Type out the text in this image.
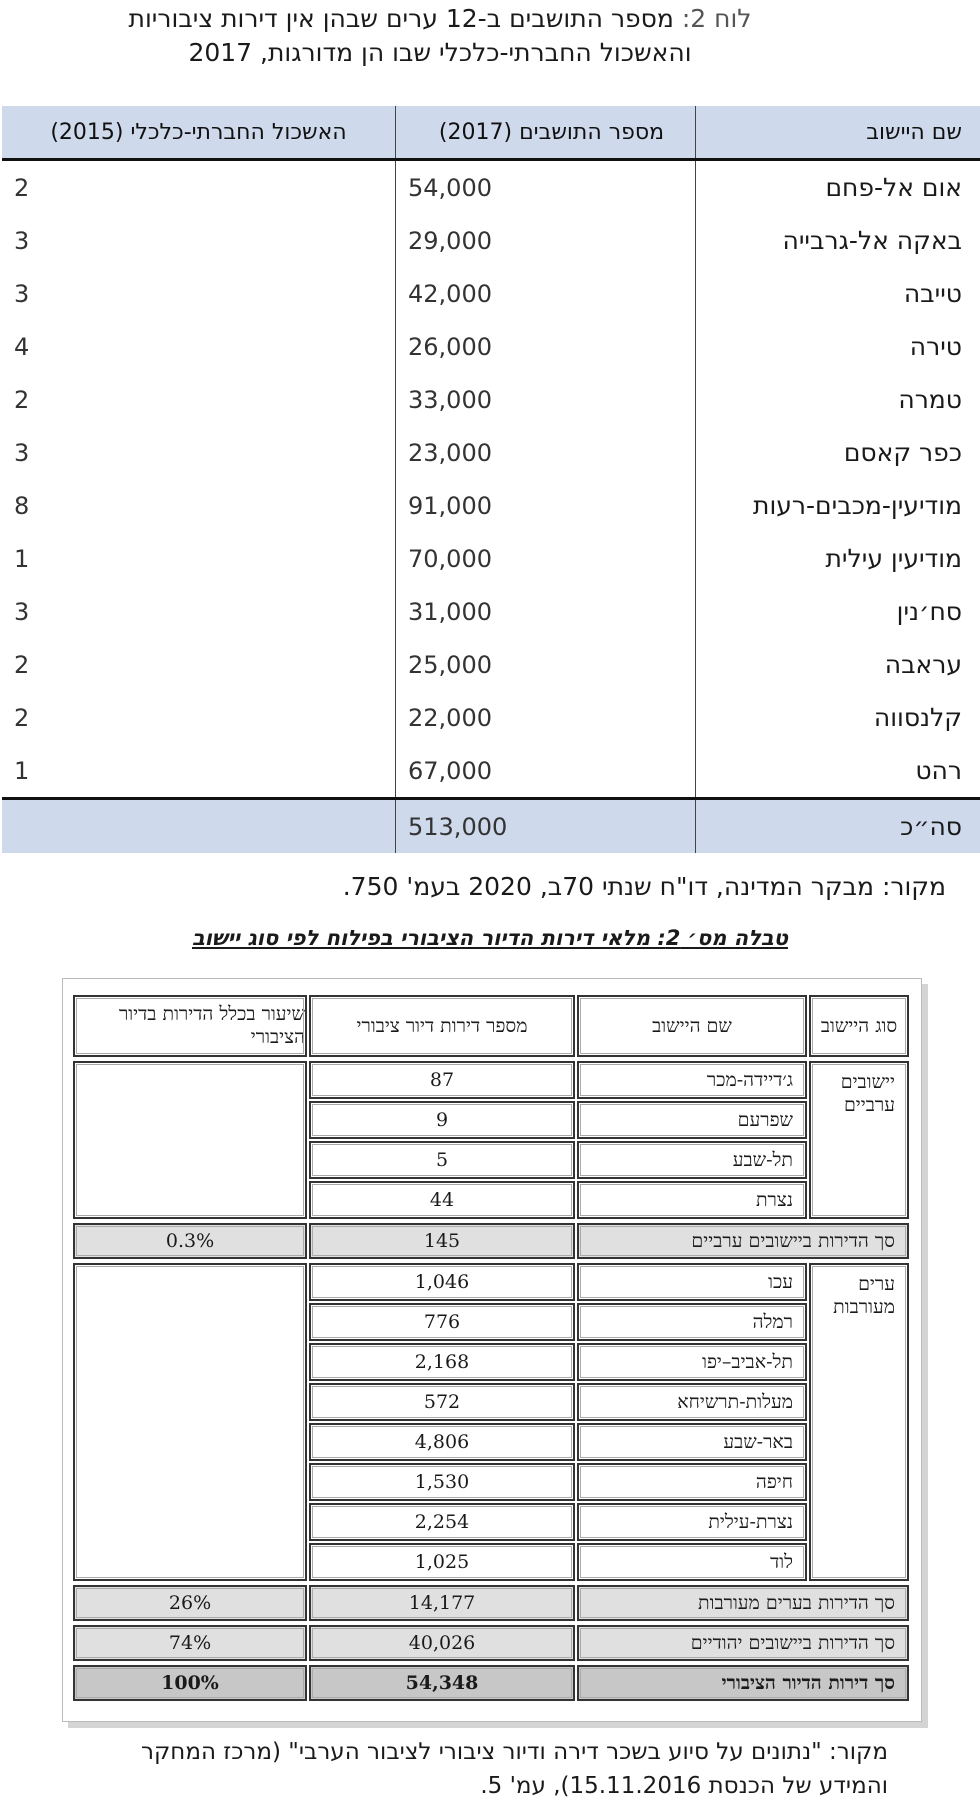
לוח 2: מספר התושבים ב-12 ערים שבהן אין דירות ציבוריות
והאשכול החברתי-כלכלי שבו הן מדורגות, 2017
שם היישוב
מספר התושבים (2017)
האשכול החברתי-כלכלי (2015)
אום אל-פחם
54,000
2
באקה אל-גרבייה
29,000
3
טייבה
42,000
3
טירה
26,000
4
טמרה
33,000
2
כפר קאסם
23,000
3
מודיעין-מכבים-רעות
91,000
8
מודיעין עילית
70,000
1
סח׳נין
31,000
3
עראבה
25,000
2
קלנסווה
22,000
2
רהט
67,000
1
סה״כ
513,000
מקור: מבקר המדינה, דו"ח שנתי 70ב, 2020 בעמ' 750.
טבלה מס׳ 2: מלאי דירות הדיור הציבורי בפילוח לפי סוג יישוב
סוג היישוב
שם היישוב
מספר דירות דיור ציבורי
שיעור בכלל הדירות בדיור הציבורי
ג׳דיידה-מכר
87
שפרעם
9
תל-שבע
5
נצרת
44
יישובים ערביים
סך הדירות ביישובים ערביים
145
0.3%
עכו
1,046
רמלה
776
תל-אביב–יפו
2,168
מעלות-תרשיחא
572
באר-שבע
4,806
חיפה
1,530
נצרת-עילית
2,254
לוד
1,025
ערים מעורבות
סך הדירות בערים מעורבות
14,177
26%
סך הדירות ביישובים יהודיים
40,026
74%
סך דירות הדיור הציבורי
54,348
100%
מקור: "נתונים על סיוע בשכר דירה ודיור ציבורי לציבור הערבי" (מרכז המחקר
והמידע של הכנסת 15.11.2016), עמ' 5.
